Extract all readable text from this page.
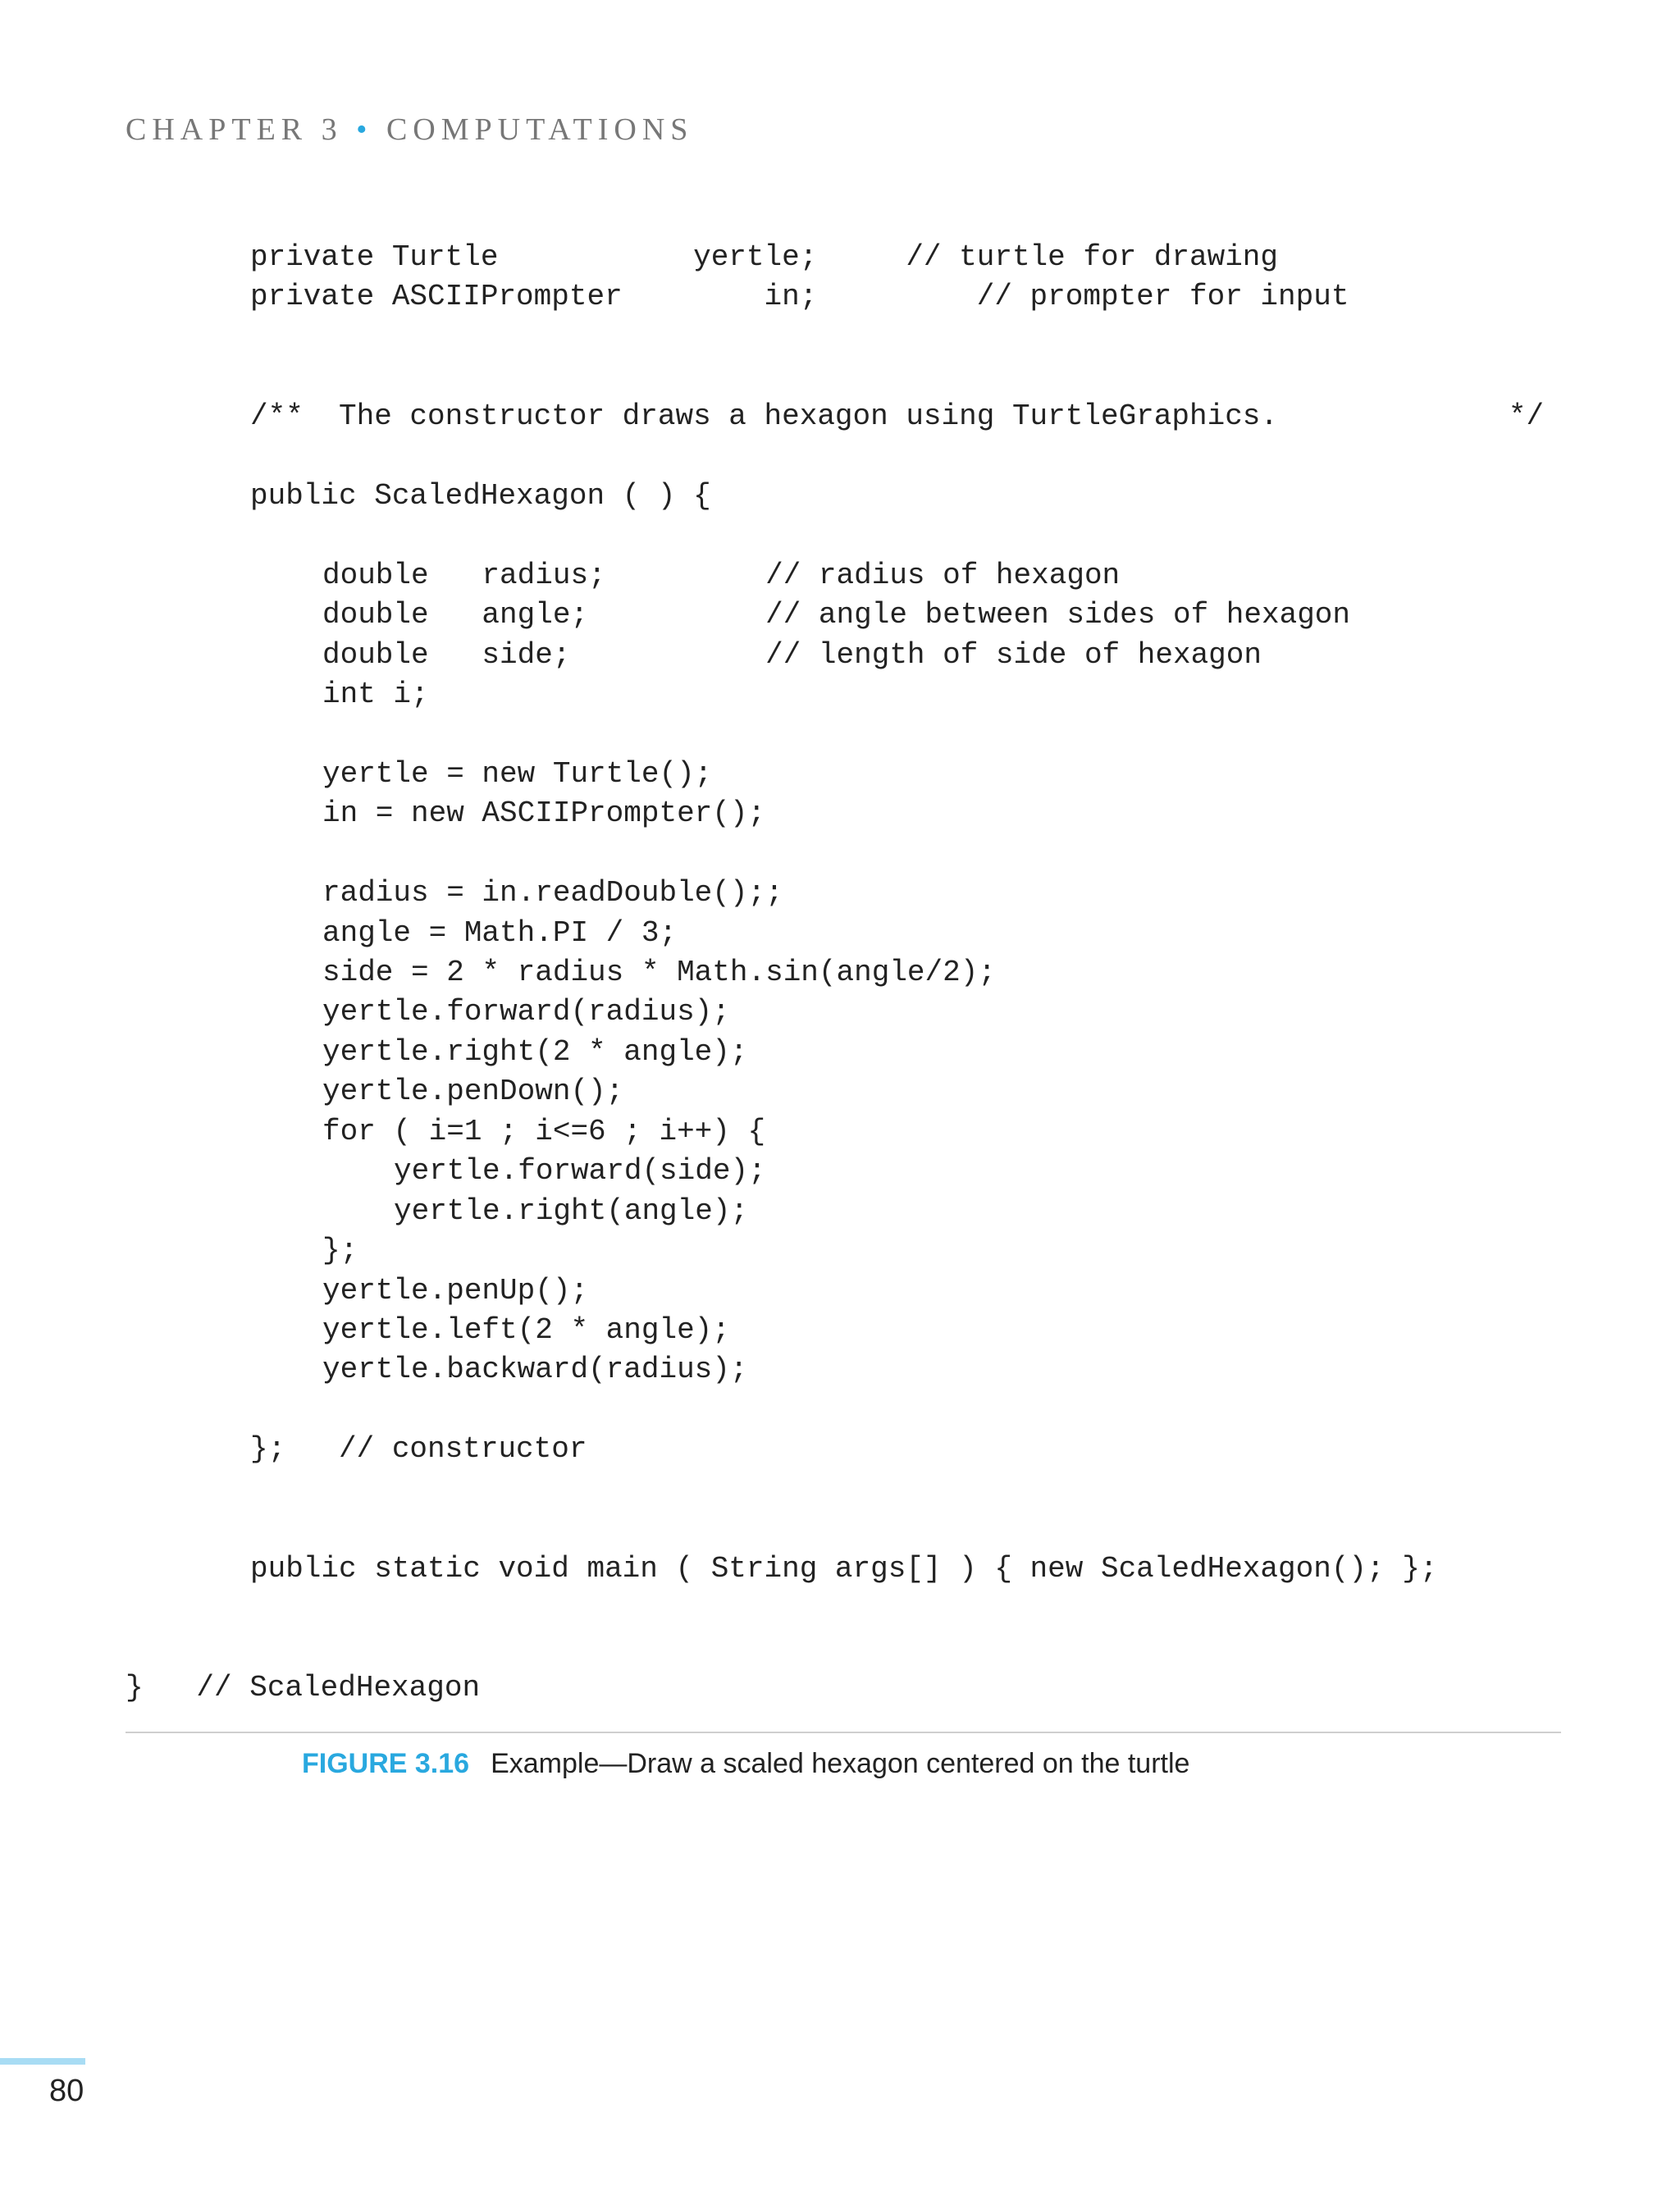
CHAPTER 3 • COMPUTATIONS
private Turtle           yertle;     // turtle for drawing
private ASCIIPrompter        in;         // prompter for input
/**  The constructor draws a hexagon using TurtleGraphics.             */
public ScaledHexagon ( ) {
double   radius;         // radius of hexagon
double   angle;          // angle between sides of hexagon
double   side;           // length of side of hexagon
int i;
yertle = new Turtle();
in = new ASCIIPrompter();
radius = in.readDouble();;
angle = Math.PI / 3;
side = 2 * radius * Math.sin(angle/2);
yertle.forward(radius);
yertle.right(2 * angle);
yertle.penDown();
for ( i=1 ; i<=6 ; i++) {
yertle.forward(side);
yertle.right(angle);
};
yertle.penUp();
yertle.left(2 * angle);
yertle.backward(radius);
};   // constructor
public static void main ( String args[] ) { new ScaledHexagon(); };
}   // ScaledHexagon
FIGURE 3.16 Example—Draw a scaled hexagon centered on the turtle
80
